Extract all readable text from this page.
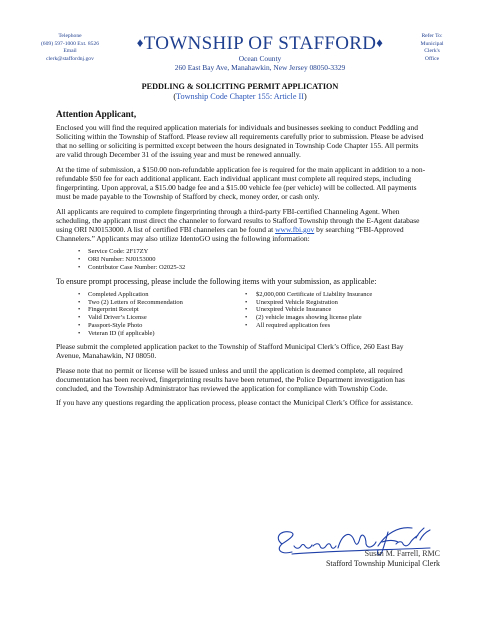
Telephone
(609) 597-1000 Ext. 8526
Email
clerk@staffordnj.gov
♦TOWNSHIP OF STAFFORD♦
Ocean County
260 East Bay Ave, Manahawkin, New Jersey 08050-3329
Refer To:
Municipal
Clerk's
Office
PEDDLING & SOLICITING PERMIT APPLICATION
(Township Code Chapter 155: Article II)
Attention Applicant,

Enclosed you will find the required application materials for individuals and businesses seeking to conduct Peddling and Soliciting within the Township of Stafford. Please review all requirements carefully prior to submission. Please be advised that no selling or soliciting is permitted except between the hours designated in Township Code Chapter 155. All permits are valid through December 31 of the issuing year and must be renewed annually.

At the time of submission, a $150.00 non-refundable application fee is required for the main applicant in addition to a non-refundable $50 fee for each additional applicant. Each individual applicant must complete all required steps, including fingerprinting. Upon approval, a $15.00 badge fee and a $15.00 vehicle fee (per vehicle) will be collected. All payments must be made payable to the Township of Stafford by check, money order, or cash only.

All applicants are required to complete fingerprinting through a third-party FBI-certified Channeling Agent. When scheduling, the applicant must direct the channeler to forward results to Stafford Township through the E-Agent database using ORI NJ0153000. A list of certified FBI channelers can be found at www.fbi.gov by searching “FBI-Approved Channelers.” Applicants may also utilize IdentoGO using the following information:

• Service Code: 2F17ZY
• ORI Number: NJ0153000
• Contributor Case Number: O2025-32

To ensure prompt processing, please include the following items with your submission, as applicable:

• Completed Application
• Two (2) Letters of Recommendation
• Fingerprint Receipt
• Valid Driver’s License
• Passport-Style Photo
• Veteran ID (if applicable)
• $2,000,000 Certificate of Liability Insurance
• Unexpired Vehicle Registration
• Unexpired Vehicle Insurance
• (2) vehicle images showing license plate
• All required application fees

Please submit the completed application packet to the Township of Stafford Municipal Clerk’s Office, 260 East Bay Avenue, Manahawkin, NJ 08050.

Please note that no permit or license will be issued unless and until the application is deemed complete, all required documentation has been received, fingerprinting results have been returned, the Police Department investigation has concluded, and the Township Administrator has reviewed the application for compliance with Township Code.

If you have any questions regarding the application process, please contact the Municipal Clerk’s Office for assistance.

Susan M. Farrell, RMC
Stafford Township Municipal Clerk
